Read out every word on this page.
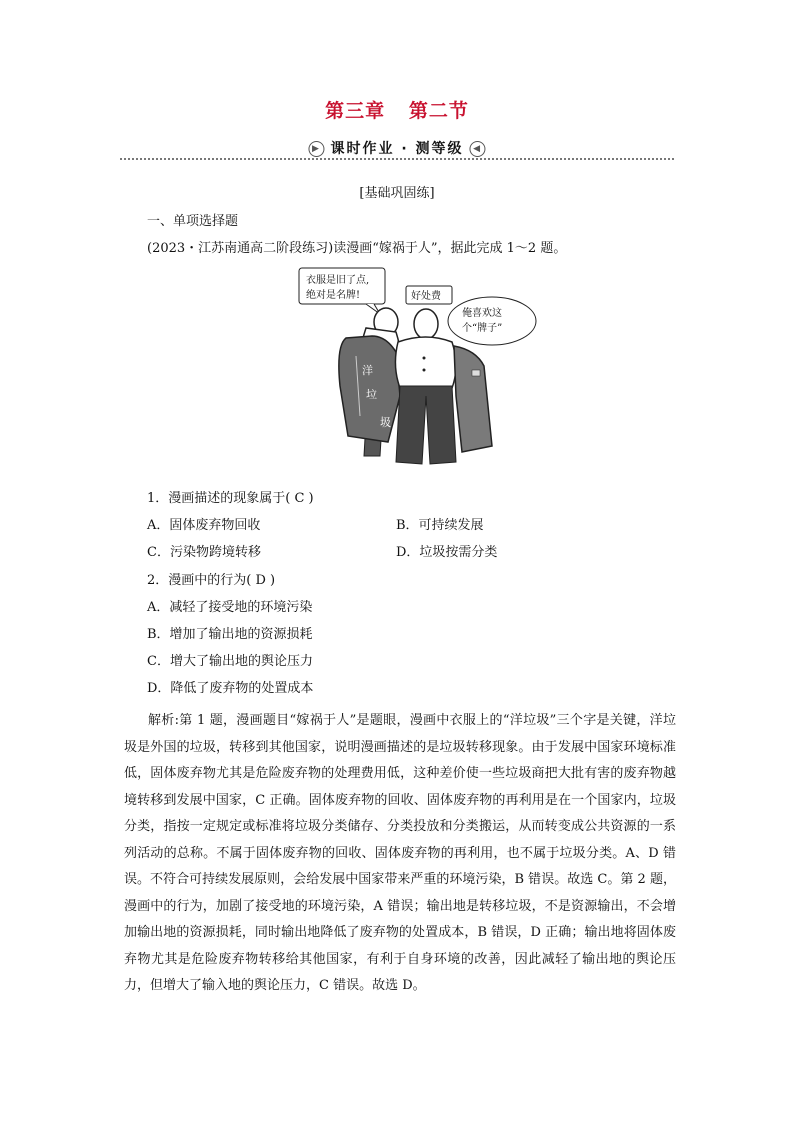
第三章 第二节
▶ 课时作业 · 测等级 ◀
[基础巩固练]
一、单项选择题
(2023・江苏南通高二阶段练习)读漫画“嫁祸于人”，据此完成 1～2 题。
衣服是旧了点,
绝对是名牌!	好处费
俺喜欢这
个“牌子”
洋
垃
圾
1．漫画描述的现象属于( C )
A．固体废弃物回收	B．可持续发展
C．污染物跨境转移	D．垃圾按需分类
2．漫画中的行为( D )
A．减轻了接受地的环境污染
B．增加了输出地的资源损耗
C．增大了输出地的舆论压力
D．降低了废弃物的处置成本
解析:第 1 题，漫画题目“嫁祸于人”是题眼，漫画中衣服上的“洋垃圾”三个字是关键，洋垃圾是外国的垃圾，转移到其他国家，说明漫画描述的是垃圾转移现象。由于发展中国家环境标准低，固体废弃物尤其是危险废弃物的处理费用低，这种差价使一些垃圾商把大批有害的废弃物越境转移到发展中国家，C 正确。固体废弃物的回收、固体废弃物的再利用是在一个国家内，垃圾分类，指按一定规定或标准将垃圾分类储存、分类投放和分类搬运，从而转变成公共资源的一系列活动的总称。不属于固体废弃物的回收、固体废弃物的再利用，也不属于垃圾分类。A、D 错误。不符合可持续发展原则，会给发展中国家带来严重的环境污染，B 错误。故选 C。第 2 题，漫画中的行为，加剧了接受地的环境污染，A 错误；输出地是转移垃圾，不是资源输出，不会增加输出地的资源损耗，同时输出地降低了废弃物的处置成本，B 错误，D 正确；输出地将固体废弃物尤其是危险废弃物转移给其他国家，有利于自身环境的改善，因此减轻了输出地的舆论压力，但增大了输入地的舆论压力，C 错误。故选 D。
